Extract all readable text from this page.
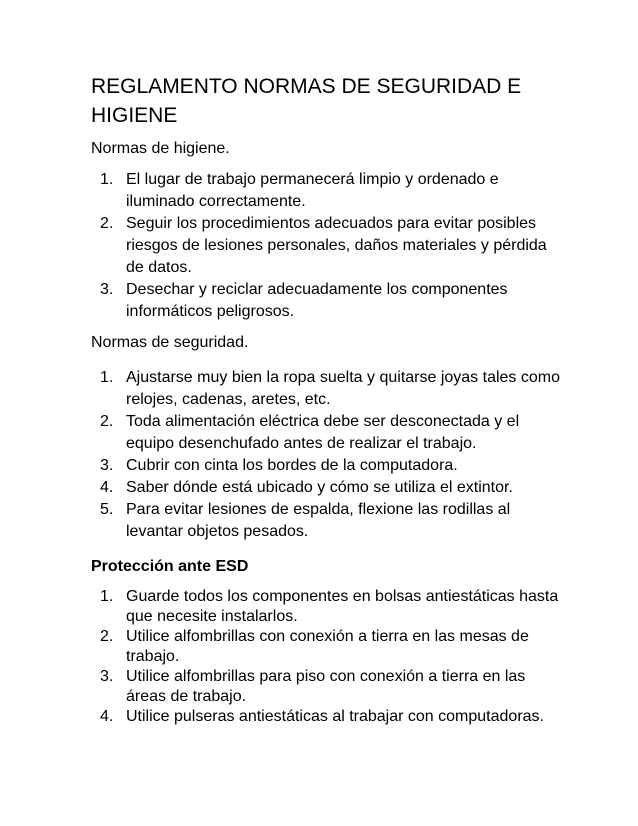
REGLAMENTO NORMAS DE SEGURIDAD E
HIGIENE

Normas de higiene.

1. El lugar de trabajo permanecerá limpio y ordenado e iluminado correctamente.
2. Seguir los procedimientos adecuados para evitar posibles riesgos de lesiones personales, daños materiales y pérdida de datos.
3. Desechar y reciclar adecuadamente los componentes informáticos peligrosos.

Normas de seguridad.

1. Ajustarse muy bien la ropa suelta y quitarse joyas tales como relojes, cadenas, aretes, etc.
2. Toda alimentación eléctrica debe ser desconectada y el equipo desenchufado antes de realizar el trabajo.
3. Cubrir con cinta los bordes de la computadora.
4. Saber dónde está ubicado y cómo se utiliza el extintor.
5. Para evitar lesiones de espalda, flexione las rodillas al levantar objetos pesados.

Protección ante ESD

1. Guarde todos los componentes en bolsas antiestáticas hasta que necesite instalarlos.
2. Utilice alfombrillas con conexión a tierra en las mesas de trabajo.
3. Utilice alfombrillas para piso con conexión a tierra en las áreas de trabajo.
4. Utilice pulseras antiestáticas al trabajar con computadoras.
